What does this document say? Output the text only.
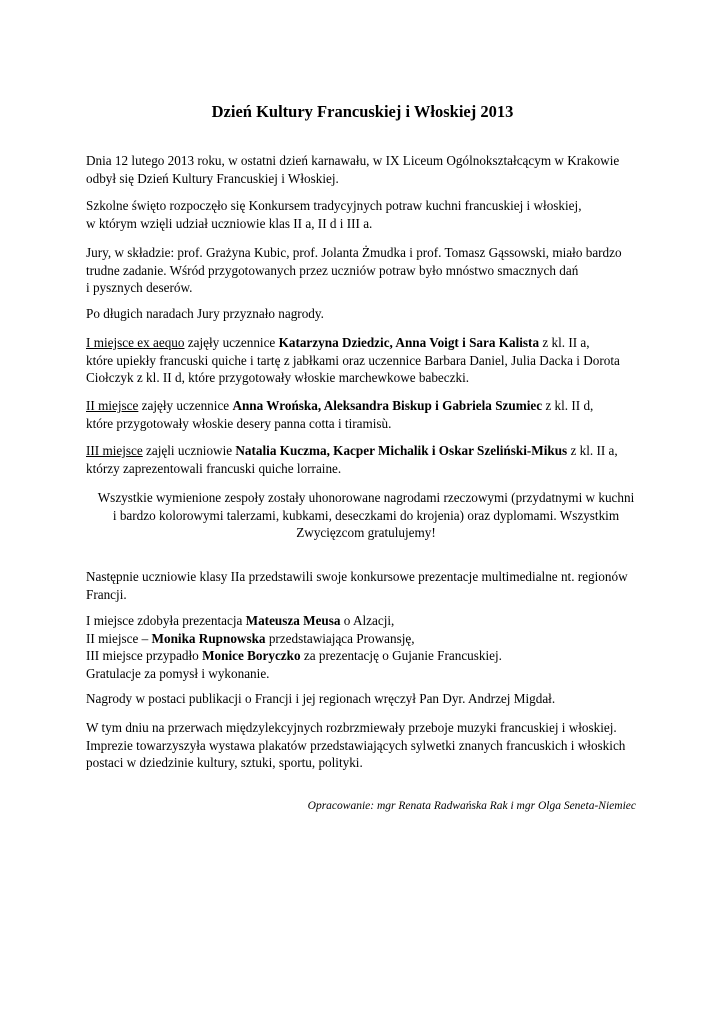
Dzień Kultury Francuskiej i Włoskiej 2013
Dnia 12 lutego 2013 roku, w ostatni dzień karnawału, w IX Liceum Ogólnokształcącym w Krakowie
odbył się Dzień Kultury Francuskiej i Włoskiej.
Szkolne święto rozpoczęło się Konkursem tradycyjnych potraw kuchni francuskiej i włoskiej,
w którym wzięli udział uczniowie klas II a, II d i III a.
Jury, w składzie: prof. Grażyna Kubic, prof. Jolanta Żmudka i prof. Tomasz Gąssowski, miało bardzo
trudne zadanie. Wśród przygotowanych przez uczniów potraw było mnóstwo smacznych dań
i pysznych deserów.
Po długich naradach Jury przyznało nagrody.
I miejsce ex aequo zajęły uczennice Katarzyna Dziedzic, Anna Voigt i Sara Kalista z kl. II a,
które upiekły francuski quiche i tartę z jabłkami oraz uczennice Barbara Daniel, Julia Dacka i Dorota
Ciołczyk z kl. II d, które przygotowały włoskie marchewkowe babeczki.
II miejsce zajęły uczennice Anna Wrońska, Aleksandra Biskup i Gabriela Szumiec z kl. II d,
które przygotowały włoskie desery panna cotta i tiramisù.
III miejsce zajęli uczniowie Natalia Kuczma, Kacper Michalik i Oskar Szeliński-Mikus z kl. II a,
którzy zaprezentowali francuski quiche lorraine.
Wszystkie wymienione zespoły zostały uhonorowane nagrodami rzeczowymi (przydatnymi w kuchni
i bardzo kolorowymi talerzami, kubkami, deseczkami do krojenia) oraz dyplomami. Wszystkim
Zwycięzcom gratulujemy!
Następnie uczniowie klasy IIa przedstawili swoje konkursowe prezentacje multimedialne nt. regionów
Francji.
I miejsce zdobyła prezentacja Mateusza Meusa o Alzacji,
II miejsce – Monika Rupnowska przedstawiająca Prowansję,
III miejsce przypadło Monice Boryczko za prezentację o Gujanie Francuskiej.
Gratulacje za pomysł i wykonanie.
Nagrody w postaci publikacji o Francji i jej regionach wręczył Pan Dyr. Andrzej Migdał.
W tym dniu na przerwach międzylekcyjnych rozbrzmiewały przeboje muzyki francuskiej i włoskiej.
Imprezie towarzyszyła wystawa plakatów przedstawiających sylwetki znanych francuskich i włoskich
postaci w dziedzinie kultury, sztuki, sportu, polityki.
Opracowanie: mgr Renata Radwańska Rak i mgr Olga Seneta-Niemiec
